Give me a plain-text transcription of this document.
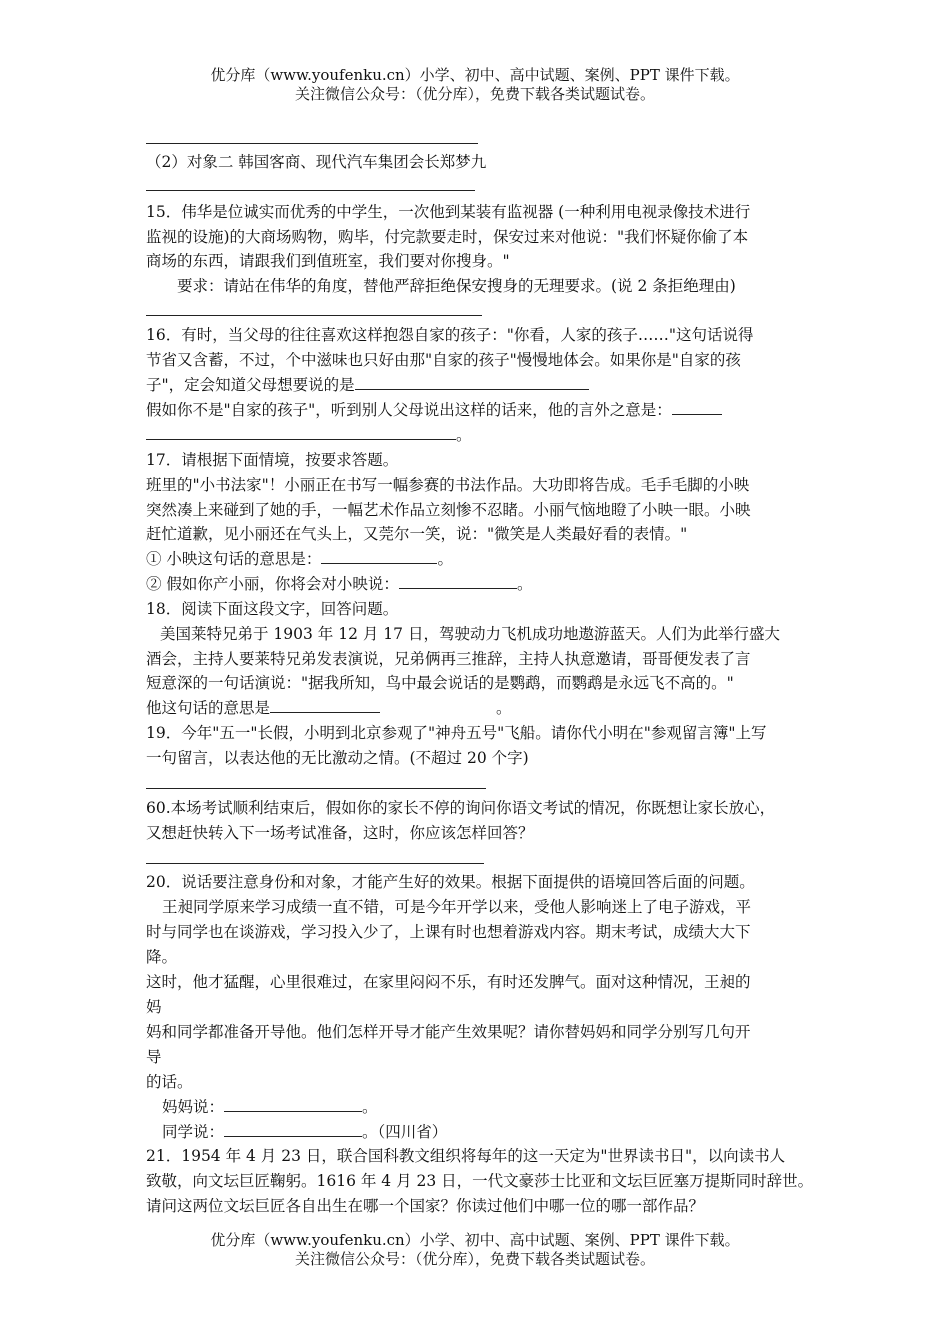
优分库（www.youfenku.cn）小学、初中、高中试题、案例、PPT 课件下载。
关注微信公众号：（优分库），免费下载各类试题试卷。
（2）对象二 韩国客商、现代汽车集团会长郑梦九
15．伟华是位诚实而优秀的中学生，一次他到某装有监视器 (一种利用电视录像技术进行
监视的设施)的大商场购物，购毕，付完款要走时，保安过来对他说："我们怀疑你偷了本
商场的东西，请跟我们到值班室，我们要对你搜身。"
要求：请站在伟华的角度，替他严辞拒绝保安搜身的无理要求。(说 2 条拒绝理由)
16．有时，当父母的往往喜欢这样抱怨自家的孩子："你看，人家的孩子……"这句话说得
节省又含蓄，不过，个中滋味也只好由那"自家的孩子"慢慢地体会。如果你是"自家的孩
子"，定会知道父母想要说的是
假如你不是"自家的孩子"，听到别人父母说出这样的话来，他的言外之意是：
。
17．请根据下面情境，按要求答题。
班里的"小书法家"！小丽正在书写一幅参赛的书法作品。大功即将告成。毛手毛脚的小映
突然凑上来碰到了她的手，一幅艺术作品立刻惨不忍睹。小丽气恼地瞪了小映一眼。小映
赶忙道歉，见小丽还在气头上，又莞尔一笑，说："微笑是人类最好看的表情。"
① 小映这句话的意思是：	。
② 假如你产小丽，你将会对小映说：	。
18．阅读下面这段文字，回答问题。
美国莱特兄弟于 1903 年 12 月 17 日，驾驶动力飞机成功地遨游蓝天。人们为此举行盛大
酒会，主持人要莱特兄弟发表演说，兄弟俩再三推辞，主持人执意邀请，哥哥便发表了言
短意深的一句话演说："据我所知，鸟中最会说话的是鹦鹉，而鹦鹉是永远飞不高的。"
他这句话的意思是	。
19．今年"五一"长假，小明到北京参观了"神舟五号"飞船。请你代小明在"参观留言簿"上写
一句留言，以表达他的无比激动之情。(不超过 20 个字)
60.本场考试顺利结束后，假如你的家长不停的询问你语文考试的情况，你既想让家长放心，
又想赶快转入下一场考试准备，这时，你应该怎样回答？
20．说话要注意身份和对象，才能产生好的效果。根据下面提供的语境回答后面的问题。
王昶同学原来学习成绩一直不错，可是今年开学以来，受他人影响迷上了电子游戏，平
时与同学也在谈游戏，学习投入少了，上课有时也想着游戏内容。期末考试，成绩大大下
降。
这时，他才猛醒，心里很难过，在家里闷闷不乐，有时还发脾气。面对这种情况，王昶的
妈
妈和同学都准备开导他。他们怎样开导才能产生效果呢？请你替妈妈和同学分别写几句开
导
的话。
妈妈说：	。
同学说：	。（四川省）
21．1954 年 4 月 23 日，联合国科教文组织将每年的这一天定为"世界读书日"，以向读书人
致敬，向文坛巨匠鞠躬。1616 年 4 月 23 日，一代文豪莎士比亚和文坛巨匠塞万提斯同时辞世。
请问这两位文坛巨匠各自出生在哪一个国家？你读过他们中哪一位的哪一部作品？
优分库（www.youfenku.cn）小学、初中、高中试题、案例、PPT 课件下载。
关注微信公众号：（优分库），免费下载各类试题试卷。
